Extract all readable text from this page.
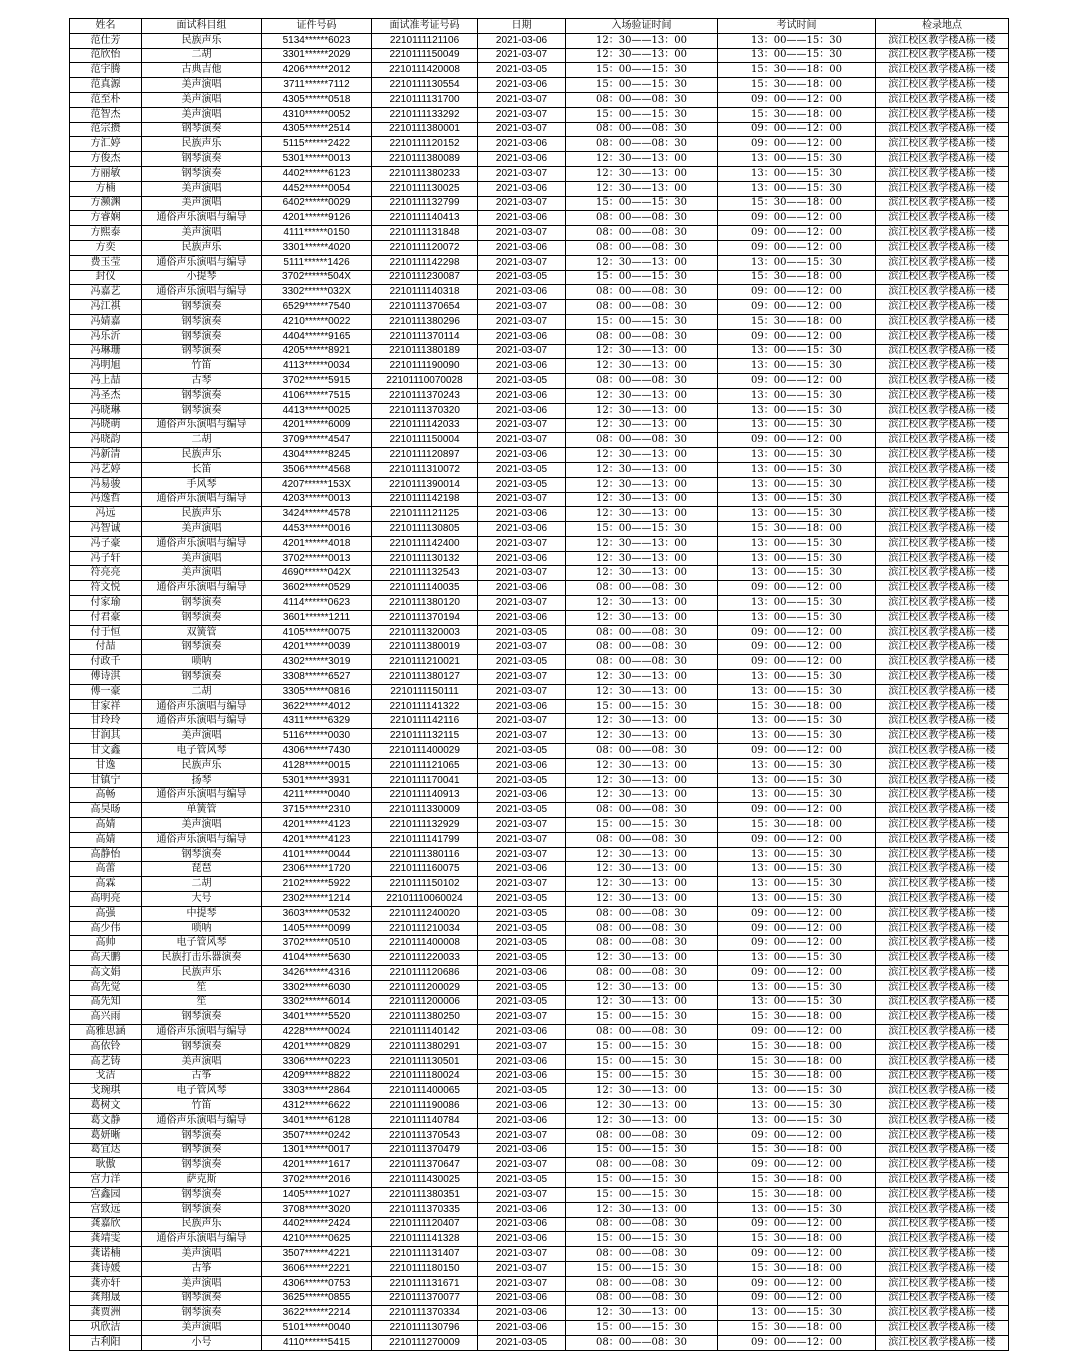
姓名	面试科目组	证件号码	面试准考证号码	日期	入场验证时间	考试时间	检录地点
范仕芳	民族声乐	5134******6023	2210111121106	2021-03-06	12：30——13：00	13：00——15：30	滨江校区教学楼A栋一楼
范欣怡	二胡	3301******2029	2210111150049	2021-03-07	12：30——13：00	13：00——15：30	滨江校区教学楼A栋一楼
范宇腾	古典吉他	4206******2012	2210111420008	2021-03-05	15：00——15：30	15：30——18：00	滨江校区教学楼A栋一楼
范真源	美声演唱	3711******7112	2210111130554	2021-03-06	15：00——15：30	15：30——18：00	滨江校区教学楼A栋一楼
范至朴	美声演唱	4305******0518	2210111131700	2021-03-07	08：00——08：30	09：00——12：00	滨江校区教学楼A栋一楼
范智杰	美声演唱	4310******0052	2210111133292	2021-03-07	15：00——15：30	15：30——18：00	滨江校区教学楼A栋一楼
范宗攒	钢琴演奏	4305******2514	2210111380001	2021-03-07	08：00——08：30	09：00——12：00	滨江校区教学楼A栋一楼
方汇婷	民族声乐	5115******2422	2210111120152	2021-03-06	08：00——08：30	09：00——12：00	滨江校区教学楼A栋一楼
方俊杰	钢琴演奏	5301******0013	2210111380089	2021-03-06	12：30——13：00	13：00——15：30	滨江校区教学楼A栋一楼
方丽敏	钢琴演奏	4402******6123	2210111380233	2021-03-07	12：30——13：00	13：00——15：30	滨江校区教学楼A栋一楼
方楠	美声演唱	4452******0054	2210111130025	2021-03-06	12：30——13：00	13：00——15：30	滨江校区教学楼A栋一楼
方濒渊	美声演唱	6402******0029	2210111132799	2021-03-07	15：00——15：30	15：30——18：00	滨江校区教学楼A栋一楼
方睿娴	通俗声乐演唱与编导	4201******9126	2210111140413	2021-03-06	08：00——08：30	09：00——12：00	滨江校区教学楼A栋一楼
方熙泰	美声演唱	4111******0150	2210111131848	2021-03-07	08：00——08：30	09：00——12：00	滨江校区教学楼A栋一楼
方奕	民族声乐	3301******4020	2210111120072	2021-03-06	08：00——08：30	09：00——12：00	滨江校区教学楼A栋一楼
费玉莹	通俗声乐演唱与编导	5111******1426	2210111142298	2021-03-07	12：30——13：00	13：00——15：30	滨江校区教学楼A栋一楼
封仪	小提琴	3702******504X	2210111230087	2021-03-05	15：00——15：30	15：30——18：00	滨江校区教学楼A栋一楼
冯嘉艺	通俗声乐演唱与编导	3302******032X	2210111140318	2021-03-06	08：00——08：30	09：00——12：00	滨江校区教学楼A栋一楼
冯江祺	钢琴演奏	6529******7540	2210111370654	2021-03-07	08：00——08：30	09：00——12：00	滨江校区教学楼A栋一楼
冯婧嘉	钢琴演奏	4210******0022	2210111380296	2021-03-07	15：00——15：30	15：30——18：00	滨江校区教学楼A栋一楼
冯乐沂	钢琴演奏	4404******9165	2210111370114	2021-03-06	08：00——08：30	09：00——12：00	滨江校区教学楼A栋一楼
冯琳珊	钢琴演奏	4205******8921	2210111380189	2021-03-07	12：30——13：00	13：00——15：30	滨江校区教学楼A栋一楼
冯明旭	竹笛	4113******0034	2210111190090	2021-03-06	12：30——13：00	13：00——15：30	滨江校区教学楼A栋一楼
冯上喆	古琴	3702******5915	22101110070028	2021-03-05	08：00——08：30	09：00——12：00	滨江校区教学楼A栋一楼
冯圣杰	钢琴演奏	4106******7515	2210111370243	2021-03-06	12：30——13：00	13：00——15：30	滨江校区教学楼A栋一楼
冯晓琳	钢琴演奏	4413******0025	2210111370320	2021-03-06	12：30——13：00	13：00——15：30	滨江校区教学楼A栋一楼
冯晓萌	通俗声乐演唱与编导	4201******6009	2210111142033	2021-03-07	12：30——13：00	13：00——15：30	滨江校区教学楼A栋一楼
冯晓韵	二胡	3709******4547	2210111150004	2021-03-07	08：00——08：30	09：00——12：00	滨江校区教学楼A栋一楼
冯新清	民族声乐	4304******8245	2210111120897	2021-03-06	12：30——13：00	13：00——15：30	滨江校区教学楼A栋一楼
冯艺婷	长笛	3506******4568	2210111310072	2021-03-05	12：30——13：00	13：00——15：30	滨江校区教学楼A栋一楼
冯易骏	手风琴	4207******153X	2210111390014	2021-03-05	12：30——13：00	13：00——15：30	滨江校区教学楼A栋一楼
冯逸哲	通俗声乐演唱与编导	4203******0013	2210111142198	2021-03-07	12：30——13：00	13：00——15：30	滨江校区教学楼A栋一楼
冯远	民族声乐	3424******4578	2210111121125	2021-03-06	12：30——13：00	13：00——15：30	滨江校区教学楼A栋一楼
冯智诚	美声演唱	4453******0016	2210111130805	2021-03-06	15：00——15：30	15：30——18：00	滨江校区教学楼A栋一楼
冯子豪	通俗声乐演唱与编导	4201******4018	2210111142400	2021-03-07	12：30——13：00	13：00——15：30	滨江校区教学楼A栋一楼
冯子轩	美声演唱	3702******0013	2210111130132	2021-03-06	12：30——13：00	13：00——15：30	滨江校区教学楼A栋一楼
符亮亮	美声演唱	4690******042X	2210111132543	2021-03-07	12：30——13：00	13：00——15：30	滨江校区教学楼A栋一楼
符文悦	通俗声乐演唱与编导	3602******0529	2210111140035	2021-03-06	08：00——08：30	09：00——12：00	滨江校区教学楼A栋一楼
付家瑜	钢琴演奏	4114******0623	2210111380120	2021-03-07	12：30——13：00	13：00——15：30	滨江校区教学楼A栋一楼
付君豪	钢琴演奏	3601******1211	2210111370194	2021-03-06	12：30——13：00	13：00——15：30	滨江校区教学楼A栋一楼
付于恒	双簧管	4105******0075	2210111320003	2021-03-05	08：00——08：30	09：00——12：00	滨江校区教学楼A栋一楼
付喆	钢琴演奏	4201******0039	2210111380019	2021-03-07	08：00——08：30	09：00——12：00	滨江校区教学楼A栋一楼
付政千	唢呐	4302******3019	2210111210021	2021-03-05	08：00——08：30	09：00——12：00	滨江校区教学楼A栋一楼
傅诗淇	钢琴演奏	3308******6527	2210111380127	2021-03-07	12：30——13：00	13：00——15：30	滨江校区教学楼A栋一楼
傅一豪	二胡	3305******0816	2210111150111	2021-03-07	12：30——13：00	13：00——15：30	滨江校区教学楼A栋一楼
甘家祥	通俗声乐演唱与编导	3622******4012	2210111141322	2021-03-06	15：00——15：30	15：30——18：00	滨江校区教学楼A栋一楼
甘玲玲	通俗声乐演唱与编导	4311******6329	2210111142116	2021-03-07	12：30——13：00	13：00——15：30	滨江校区教学楼A栋一楼
甘润其	美声演唱	5116******0030	2210111132115	2021-03-07	12：30——13：00	13：00——15：30	滨江校区教学楼A栋一楼
甘文鑫	电子管风琴	4306******7430	2210111400029	2021-03-05	08：00——08：30	09：00——12：00	滨江校区教学楼A栋一楼
甘逸	民族声乐	4128******0015	2210111121065	2021-03-06	12：30——13：00	13：00——15：30	滨江校区教学楼A栋一楼
甘镇宁	扬琴	5301******3931	2210111170041	2021-03-05	12：30——13：00	13：00——15：30	滨江校区教学楼A栋一楼
高畅	通俗声乐演唱与编导	4211******0040	2210111140913	2021-03-06	12：30——13：00	13：00——15：30	滨江校区教学楼A栋一楼
高昊旸	单簧管	3715******2310	2210111330009	2021-03-05	08：00——08：30	09：00——12：00	滨江校区教学楼A栋一楼
高婧	美声演唱	4201******4123	2210111132929	2021-03-07	15：00——15：30	15：30——18：00	滨江校区教学楼A栋一楼
高婧	通俗声乐演唱与编导	4201******4123	2210111141799	2021-03-07	08：00——08：30	09：00——12：00	滨江校区教学楼A栋一楼
高静怡	钢琴演奏	4101******0044	2210111380116	2021-03-07	12：30——13：00	13：00——15：30	滨江校区教学楼A栋一楼
高蕾	琵琶	2306******1720	2210111160075	2021-03-06	12：30——13：00	13：00——15：30	滨江校区教学楼A栋一楼
高霖	二胡	2102******5922	2210111150102	2021-03-07	12：30——13：00	13：00——15：30	滨江校区教学楼A栋一楼
高明亮	大号	2302******1214	22101110060024	2021-03-05	12：30——13：00	13：00——15：30	滨江校区教学楼A栋一楼
高强	中提琴	3603******0532	2210111240020	2021-03-05	08：00——08：30	09：00——12：00	滨江校区教学楼A栋一楼
高少伟	唢呐	1405******0099	2210111210034	2021-03-05	08：00——08：30	09：00——12：00	滨江校区教学楼A栋一楼
高帅	电子管风琴	3702******0510	2210111400008	2021-03-05	08：00——08：30	09：00——12：00	滨江校区教学楼A栋一楼
高天鹏	民族打击乐器演奏	4104******5630	2210111220033	2021-03-05	12：30——13：00	13：00——15：30	滨江校区教学楼A栋一楼
高文娟	民族声乐	3426******4316	2210111120686	2021-03-06	08：00——08：30	09：00——12：00	滨江校区教学楼A栋一楼
高先觉	笙	3302******6030	2210111200029	2021-03-05	12：30——13：00	13：00——15：30	滨江校区教学楼A栋一楼
高先知	笙	3302******6014	2210111200006	2021-03-05	12：30——13：00	13：00——15：30	滨江校区教学楼A栋一楼
高兴雨	钢琴演奏	3401******5520	2210111380250	2021-03-07	15：00——15：30	15：30——18：00	滨江校区教学楼A栋一楼
高雅思涵	通俗声乐演唱与编导	4228******0024	2210111140142	2021-03-06	08：00——08：30	09：00——12：00	滨江校区教学楼A栋一楼
高依铃	钢琴演奏	4201******0829	2210111380291	2021-03-07	15：00——15：30	15：30——18：00	滨江校区教学楼A栋一楼
高艺铸	美声演唱	3306******0223	2210111130501	2021-03-06	15：00——15：30	15：30——18：00	滨江校区教学楼A栋一楼
戈洁	古筝	4209******8822	2210111180024	2021-03-06	15：00——15：30	15：30——18：00	滨江校区教学楼A栋一楼
戈琬琪	电子管风琴	3303******2864	2210111400065	2021-03-05	12：30——13：00	13：00——15：30	滨江校区教学楼A栋一楼
葛树文	竹笛	4312******6622	2210111190086	2021-03-06	12：30——13：00	13：00——15：30	滨江校区教学楼A栋一楼
葛文静	通俗声乐演唱与编导	3401******6128	2210111140784	2021-03-06	12：30——13：00	13：00——15：30	滨江校区教学楼A栋一楼
葛妍晰	钢琴演奏	3507******0242	2210111370543	2021-03-07	08：00——08：30	09：00——12：00	滨江校区教学楼A栋一楼
葛宜达	钢琴演奏	1301******0017	2210111370479	2021-03-06	15：00——15：30	15：30——18：00	滨江校区教学楼A栋一楼
耿傲	钢琴演奏	4201******1617	2210111370647	2021-03-07	08：00——08：30	09：00——12：00	滨江校区教学楼A栋一楼
宫力洋	萨克斯	3702******2016	2210111430025	2021-03-05	15：00——15：30	15：30——18：00	滨江校区教学楼A栋一楼
宫鑫园	钢琴演奏	1405******1027	2210111380351	2021-03-07	15：00——15：30	15：30——18：00	滨江校区教学楼A栋一楼
宫致远	钢琴演奏	3708******3020	2210111370335	2021-03-06	12：30——13：00	13：00——15：30	滨江校区教学楼A栋一楼
龚嘉欣	民族声乐	4402******2424	2210111120407	2021-03-06	08：00——08：30	09：00——12：00	滨江校区教学楼A栋一楼
龚靖雯	通俗声乐演唱与编导	4210******0625	2210111141328	2021-03-06	15：00——15：30	15：30——18：00	滨江校区教学楼A栋一楼
龚诺楠	美声演唱	3507******4221	2210111131407	2021-03-07	08：00——08：30	09：00——12：00	滨江校区教学楼A栋一楼
龚诗媛	古筝	3606******2221	2210111180150	2021-03-07	15：00——15：30	15：30——18：00	滨江校区教学楼A栋一楼
龚亦轩	美声演唱	4306******0753	2210111131671	2021-03-07	08：00——08：30	09：00——12：00	滨江校区教学楼A栋一楼
龚翔晟	钢琴演奏	3625******0855	2210111370077	2021-03-06	08：00——08：30	09：00——12：00	滨江校区教学楼A栋一楼
龚贾洲	钢琴演奏	3622******2214	2210111370334	2021-03-06	12：30——13：00	13：00——15：30	滨江校区教学楼A栋一楼
巩欣洁	美声演唱	5101******0040	2210111130796	2021-03-06	15：00——15：30	15：30——18：00	滨江校区教学楼A栋一楼
古利阳	小号	4110******5415	2210111270009	2021-03-05	08：00——08：30	09：00——12：00	滨江校区教学楼A栋一楼
